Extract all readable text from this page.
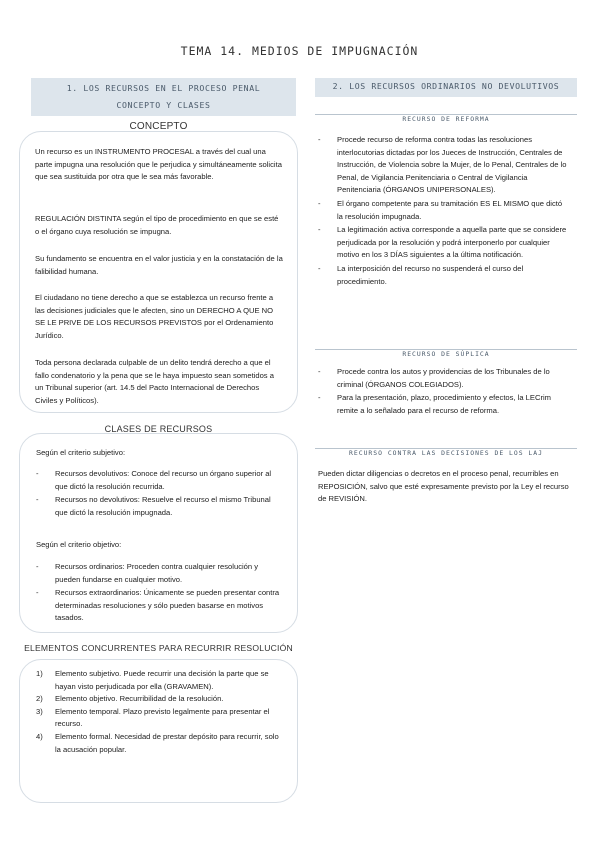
TEMA 14. MEDIOS DE IMPUGNACIÓN
1. LOS RECURSOS EN EL PROCESO PENAL
CONCEPTO Y CLASES
CONCEPTO
Un recurso es un INSTRUMENTO PROCESAL a través del cual una parte impugna una resolución que le perjudica y simultáneamente solicita que sea sustituida por otra que le sea más favorable.
REGULACIÓN DISTINTA según el tipo de procedimiento en que se esté o el órgano cuya resolución se impugna.
Su fundamento se encuentra en el valor justicia y en la constatación de la falibilidad humana.
El ciudadano no tiene derecho a que se establezca un recurso frente a las decisiones judiciales que le afecten, sino un DERECHO A QUE NO SE LE PRIVE DE LOS RECURSOS PREVISTOS por el Ordenamiento Jurídico.
Toda persona declarada culpable de un delito tendrá derecho a que el fallo condenatorio y la pena que se le haya impuesto sean sometidos a un Tribunal superior (art. 14.5 del Pacto Internacional de Derechos Civiles y Políticos).
CLASES DE RECURSOS
Según el criterio subjetivo:
- Recursos devolutivos: Conoce del recurso un órgano superior al que dictó la resolución recurrida.
- Recursos no devolutivos: Resuelve el recurso el mismo Tribunal que dictó la resolución impugnada.
Según el criterio objetivo:
- Recursos ordinarios: Proceden contra cualquier resolución y pueden fundarse en cualquier motivo.
- Recursos extraordinarios: Únicamente se pueden presentar contra determinadas resoluciones y sólo pueden basarse en motivos tasados.
ELEMENTOS CONCURRENTES PARA RECURRIR RESOLUCIÓN
1) Elemento subjetivo. Puede recurrir una decisión la parte que se hayan visto perjudicada por ella (GRAVAMEN).
2) Elemento objetivo. Recurribilidad de la resolución.
3) Elemento temporal. Plazo previsto legalmente para presentar el recurso.
4) Elemento formal. Necesidad de prestar depósito para recurrir, solo la acusación popular.
2. LOS RECURSOS ORDINARIOS NO DEVOLUTIVOS
RECURSO DE REFORMA
- Procede recurso de reforma contra todas las resoluciones interlocutorias dictadas por los Jueces de Instrucción, Centrales de Instrucción, de Violencia sobre la Mujer, de lo Penal, Centrales de lo Penal, de Vigilancia Penitenciaria o Central de Vigilancia Penitenciaria (ÓRGANOS UNIPERSONALES).
- El órgano competente para su tramitación ES EL MISMO que dictó la resolución impugnada.
- La legitimación activa corresponde a aquella parte que se considere perjudicada por la resolución y podrá interponerlo por cualquier motivo en los 3 DÍAS siguientes a la última notificación.
- La interposición del recurso no suspenderá el curso del procedimiento.
RECURSO DE SÚPLICA
- Procede contra los autos y providencias de los Tribunales de lo criminal (ÓRGANOS COLEGIADOS).
- Para la presentación, plazo, procedimiento y efectos, la LECrim remite a lo señalado para el recurso de reforma.
RECURSO CONTRA LAS DECISIONES DE LOS LAJ
Pueden dictar diligencias o decretos en el proceso penal, recurribles en REPOSICIÓN, salvo que esté expresamente previsto por la Ley el recurso de REVISIÓN.
